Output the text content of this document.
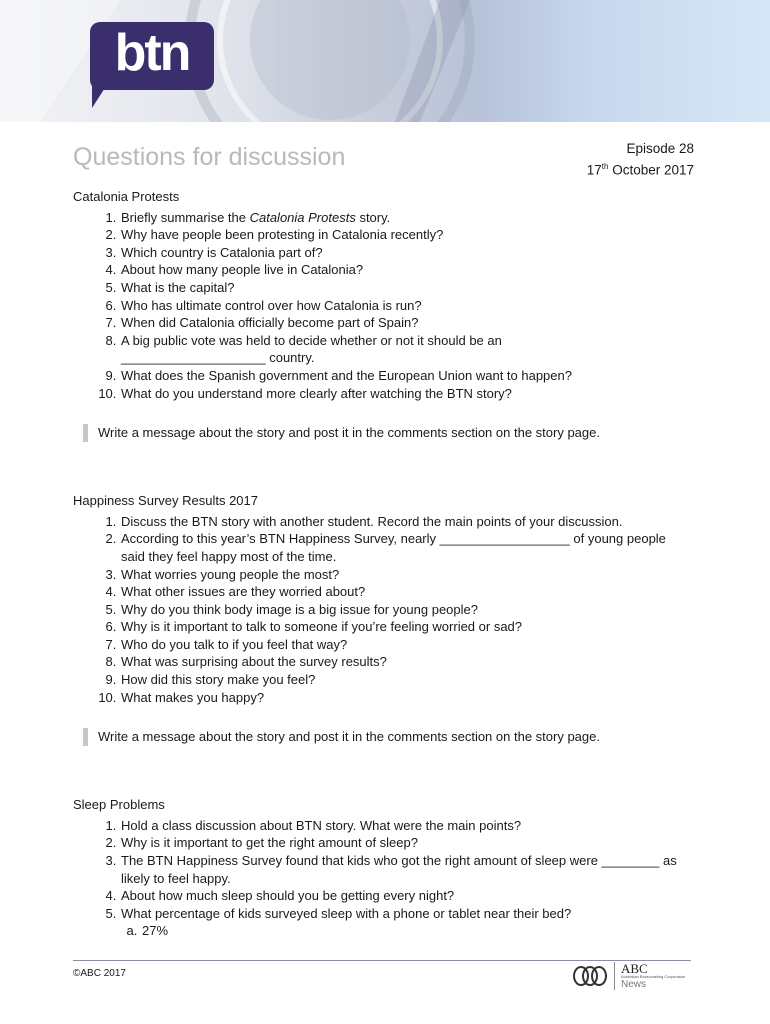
btn
Questions for discussion	Episode 28
17th October 2017
Catalonia Protests
1. Briefly summarise the Catalonia Protests story.
2. Why have people been protesting in Catalonia recently?
3. Which country is Catalonia part of?
4. About how many people live in Catalonia?
5. What is the capital?
6. Who has ultimate control over how Catalonia is run?
7. When did Catalonia officially become part of Spain?
8. A big public vote was held to decide whether or not it should be an ____________________ country.
9. What does the Spanish government and the European Union want to happen?
10. What do you understand more clearly after watching the BTN story?
Write a message about the story and post it in the comments section on the story page.
Happiness Survey Results 2017
1. Discuss the BTN story with another student. Record the main points of your discussion.
2. According to this year’s BTN Happiness Survey, nearly __________________ of young people said they feel happy most of the time.
3. What worries young people the most?
4. What other issues are they worried about?
5. Why do you think body image is a big issue for young people?
6. Why is it important to talk to someone if you’re feeling worried or sad?
7. Who do you talk to if you feel that way?
8. What was surprising about the survey results?
9. How did this story make you feel?
10. What makes you happy?
Write a message about the story and post it in the comments section on the story page.
Sleep Problems
1. Hold a class discussion about BTN story. What were the main points?
2. Why is it important to get the right amount of sleep?
3. The BTN Happiness Survey found that kids who got the right amount of sleep were ________ as likely to feel happy.
4. About how much sleep should you be getting every night?
5. What percentage of kids surveyed sleep with a phone or tablet near their bed?
a. 27%
©ABC 2017	ABC
Australian Broadcasting Corporation
News
